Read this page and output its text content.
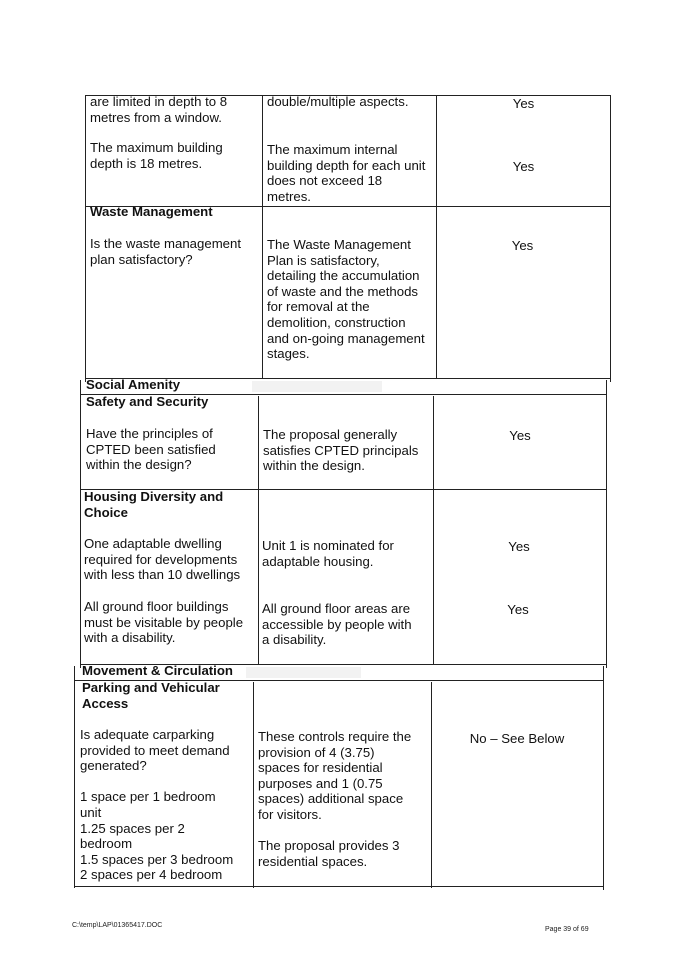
are limited in depth to 8
metres from a window.
double/multiple aspects.	Yes
The maximum building
depth is 18 metres.
The maximum internal
building depth for each unit
does not exceed 18
metres.
Yes
Waste Management
Is the waste management
plan satisfactory?
The Waste Management
Plan is satisfactory,
detailing the accumulation
of waste and the methods
for removal at the
demolition, construction
and on-going management
stages.
Yes
Social Amenity
Safety and Security
Have the principles of
CPTED been satisfied
within the design?
The proposal generally
satisfies CPTED principals
within the design.
Yes
Housing Diversity and
Choice
One adaptable dwelling
required for developments
with less than 10 dwellings
Unit 1 is nominated for
adaptable housing.
Yes
All ground floor buildings
must be visitable by people
with a disability.
All ground floor areas are
accessible by people with
a disability.
Yes
Movement & Circulation
Parking and Vehicular
Access
Is adequate carparking
provided to meet demand
generated?
1 space per 1 bedroom
unit
1.25 spaces per 2
bedroom
1.5 spaces per 3 bedroom
2 spaces per 4 bedroom
These controls require the
provision of 4 (3.75)
spaces for residential
purposes and 1 (0.75
spaces) additional space
for visitors.
The proposal provides 3
residential spaces.
No – See Below
C:\temp\LAP\01365417.DOC
Page 39 of 69
